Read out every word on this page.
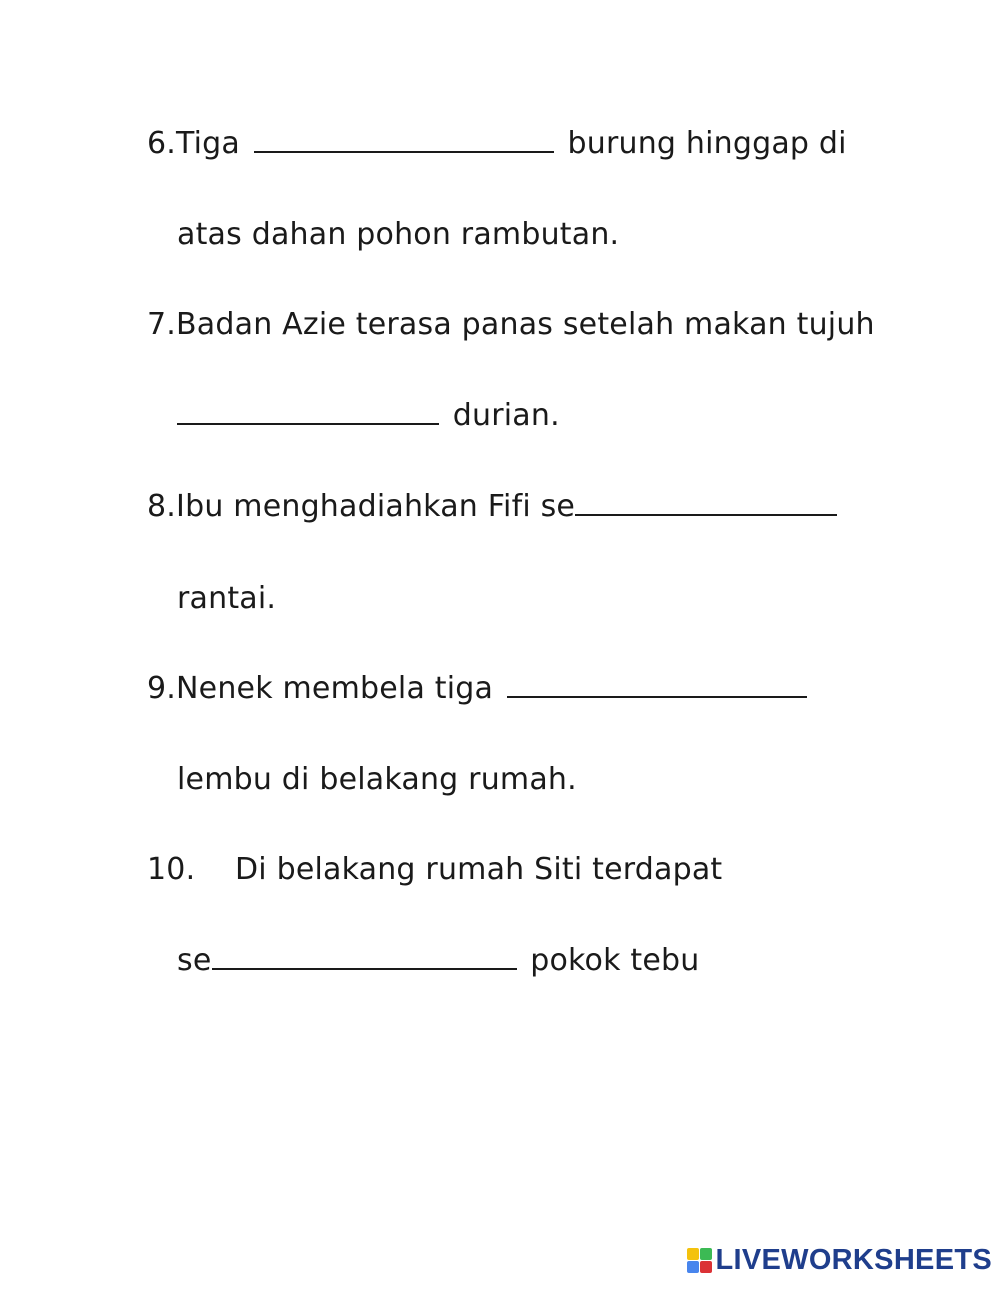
6.Tiga	burung hinggap di
atas dahan pohon rambutan.
7.Badan Azie terasa panas setelah makan tujuh
durian.
8.Ibu menghadiahkan Fifi se
rantai.
9.Nenek membela tiga
lembu di belakang rumah.
10. Di belakang rumah Siti terdapat
se	pokok tebu
LIVEWORKSHEETS
